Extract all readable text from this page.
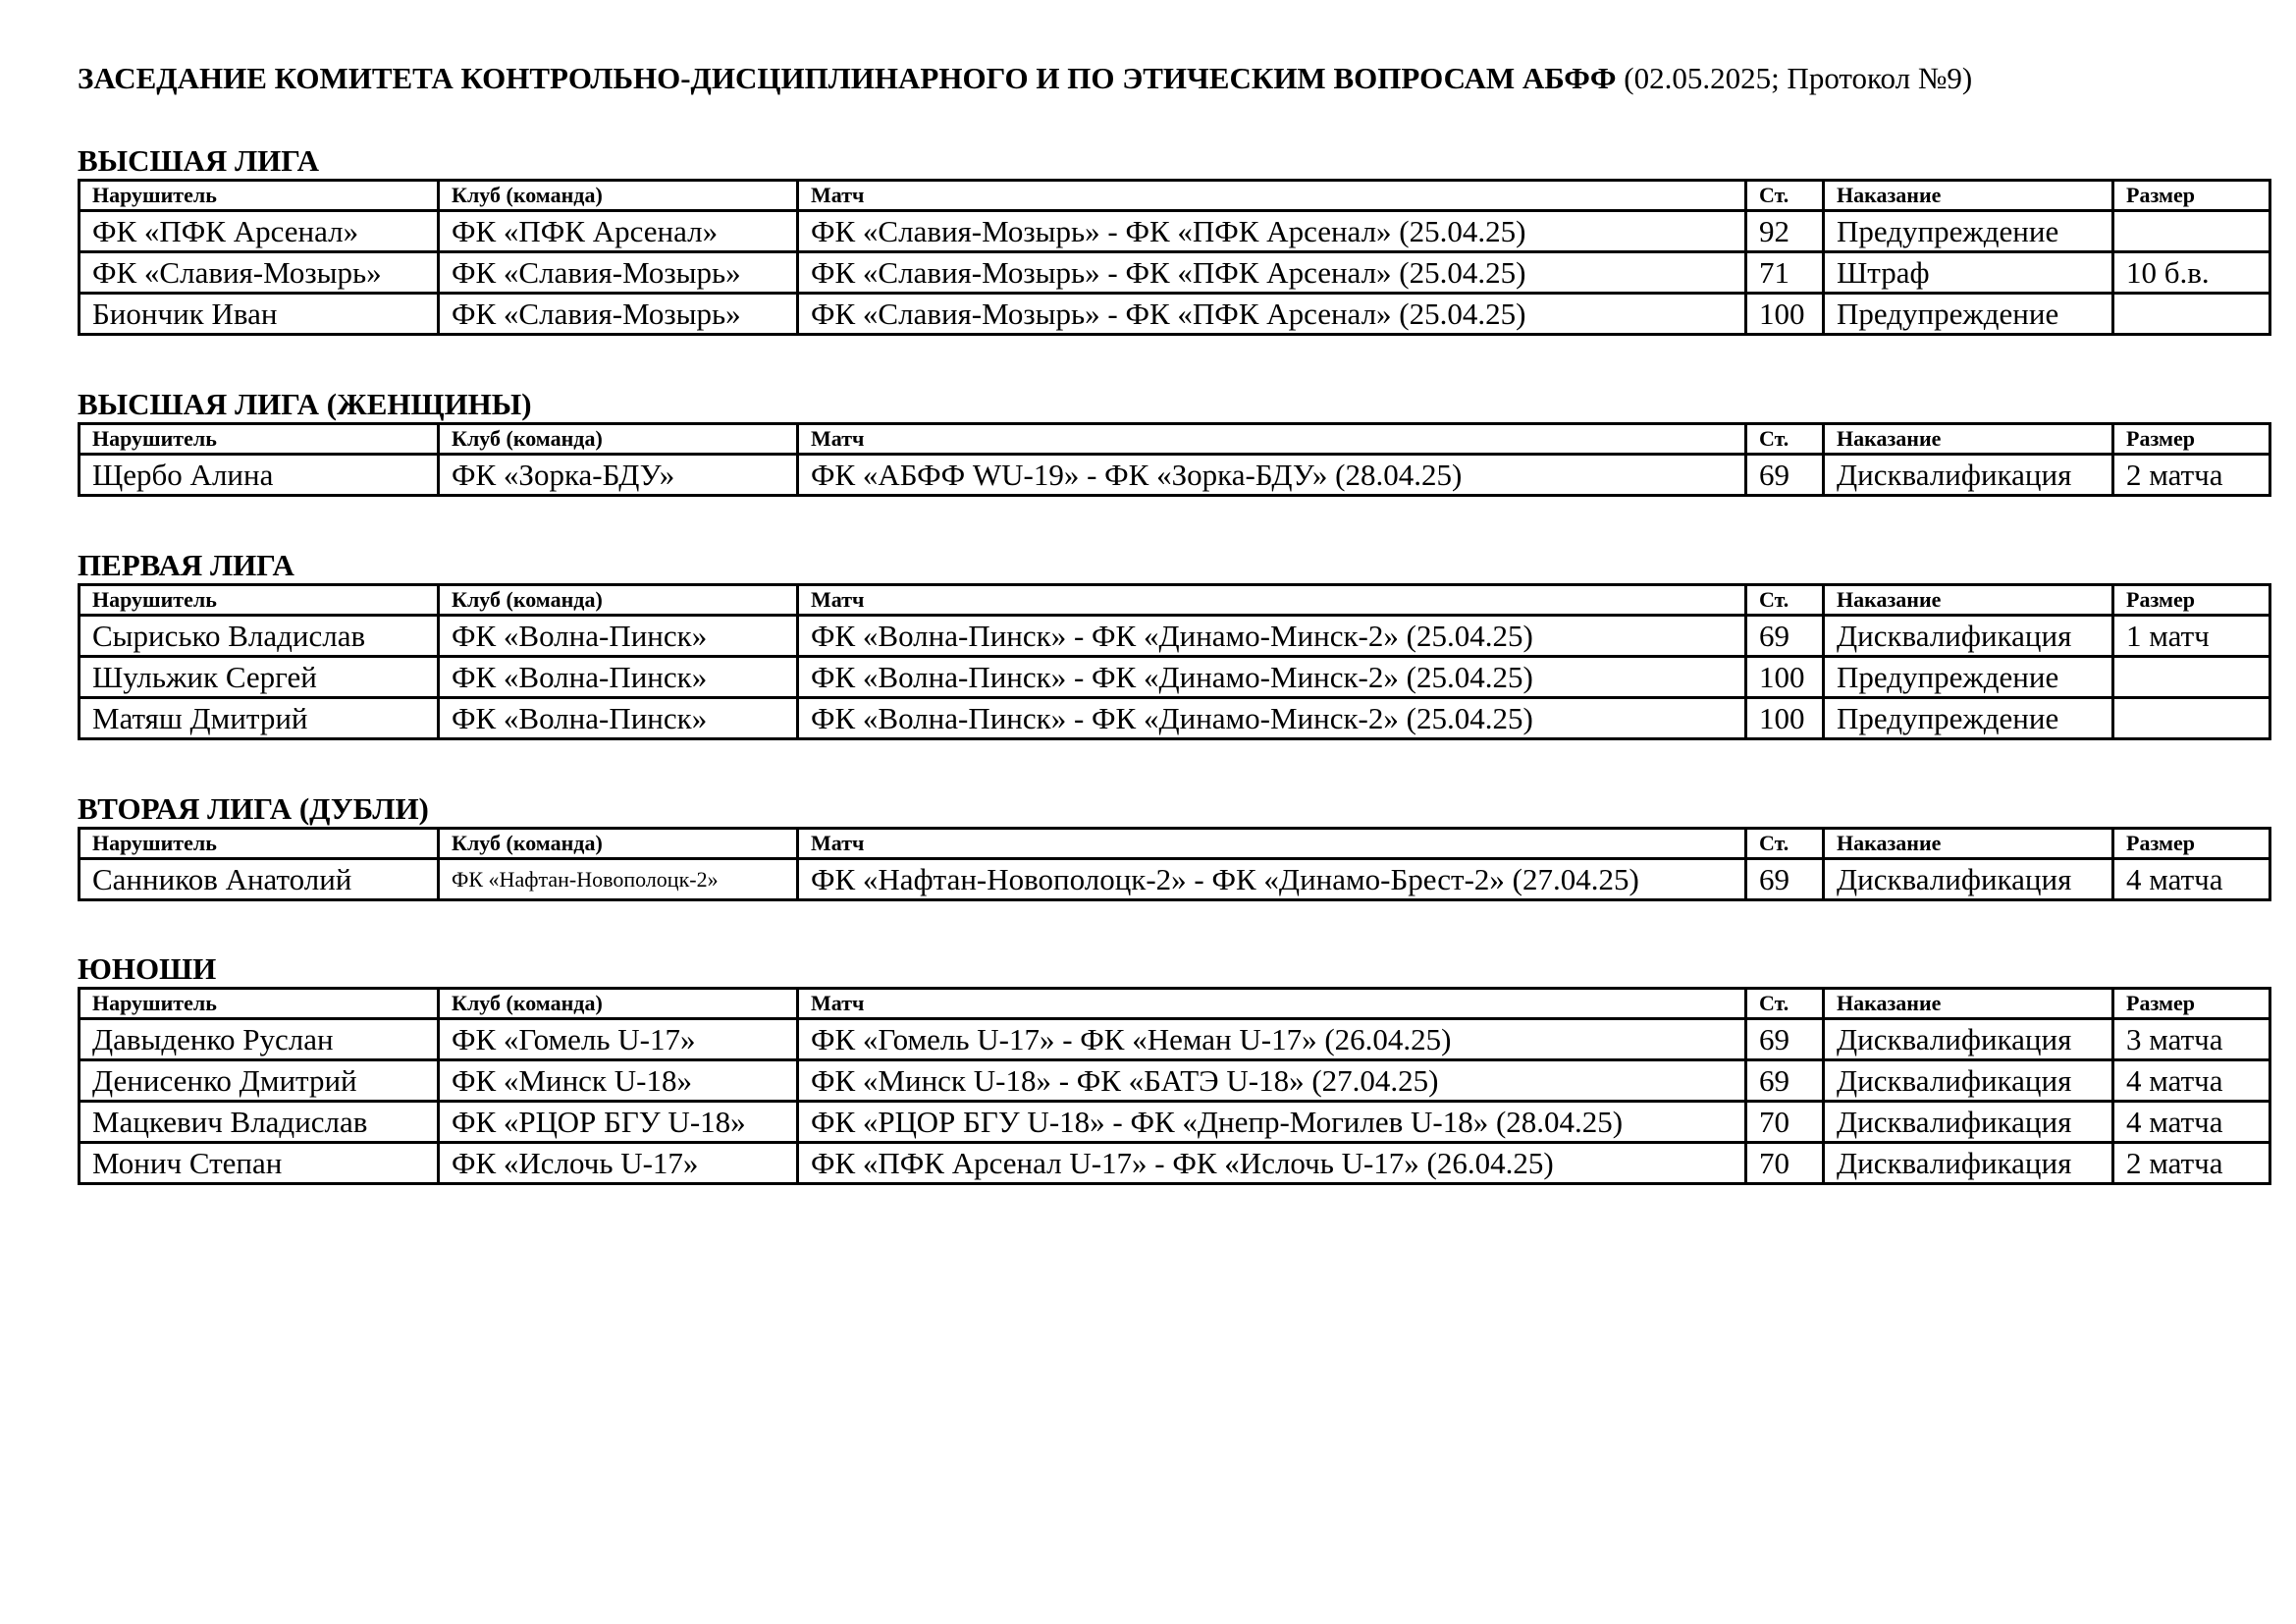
ЗАСЕДАНИЕ КОМИТЕТА КОНТРОЛЬНО-ДИСЦИПЛИНАРНОГО И ПО ЭТИЧЕСКИМ ВОПРОСАМ АБФФ (02.05.2025; Протокол №9)
ВЫСШАЯ ЛИГА
Нарушитель	Клуб (команда)	Матч	Ст.	Наказание	Размер
ФК «ПФК Арсенал»	ФК «ПФК Арсенал»	ФК «Славия-Мозырь» - ФК «ПФК Арсенал» (25.04.25)	92	Предупреждение	
ФК «Славия-Мозырь»	ФК «Славия-Мозырь»	ФК «Славия-Мозырь» - ФК «ПФК Арсенал» (25.04.25)	71	Штраф	10 б.в.
Биончик Иван	ФК «Славия-Мозырь»	ФК «Славия-Мозырь» - ФК «ПФК Арсенал» (25.04.25)	100	Предупреждение	
ВЫСШАЯ ЛИГА (ЖЕНЩИНЫ)
Нарушитель	Клуб (команда)	Матч	Ст.	Наказание	Размер
Щербо Алина	ФК «Зорка-БДУ»	ФК «АБФФ WU-19» - ФК «Зорка-БДУ» (28.04.25)	69	Дисквалификация	2 матча
ПЕРВАЯ ЛИГА
Нарушитель	Клуб (команда)	Матч	Ст.	Наказание	Размер
Сырисько Владислав	ФК «Волна-Пинск»	ФК «Волна-Пинск» - ФК «Динамо-Минск-2» (25.04.25)	69	Дисквалификация	1 матч
Шульжик Сергей	ФК «Волна-Пинск»	ФК «Волна-Пинск» - ФК «Динамо-Минск-2» (25.04.25)	100	Предупреждение	
Матяш Дмитрий	ФК «Волна-Пинск»	ФК «Волна-Пинск» - ФК «Динамо-Минск-2» (25.04.25)	100	Предупреждение	
ВТОРАЯ ЛИГА (ДУБЛИ)
Нарушитель	Клуб (команда)	Матч	Ст.	Наказание	Размер
Санников Анатолий	ФК «Нафтан-Новополоцк-2»	ФК «Нафтан-Новополоцк-2» - ФК «Динамо-Брест-2» (27.04.25)	69	Дисквалификация	4 матча
ЮНОШИ
Нарушитель	Клуб (команда)	Матч	Ст.	Наказание	Размер
Давыденко Руслан	ФК «Гомель U-17»	ФК «Гомель U-17» - ФК «Неман U-17» (26.04.25)	69	Дисквалификация	3 матча
Денисенко Дмитрий	ФК «Минск U-18»	ФК «Минск U-18» - ФК «БАТЭ U-18» (27.04.25)	69	Дисквалификация	4 матча
Мацкевич Владислав	ФК «РЦОР БГУ U-18»	ФК «РЦОР БГУ U-18» - ФК «Днепр-Могилев U-18» (28.04.25)	70	Дисквалификация	4 матча
Монич Степан	ФК «Ислочь U-17»	ФК «ПФК Арсенал U-17» - ФК «Ислочь U-17» (26.04.25)	70	Дисквалификация	2 матча
